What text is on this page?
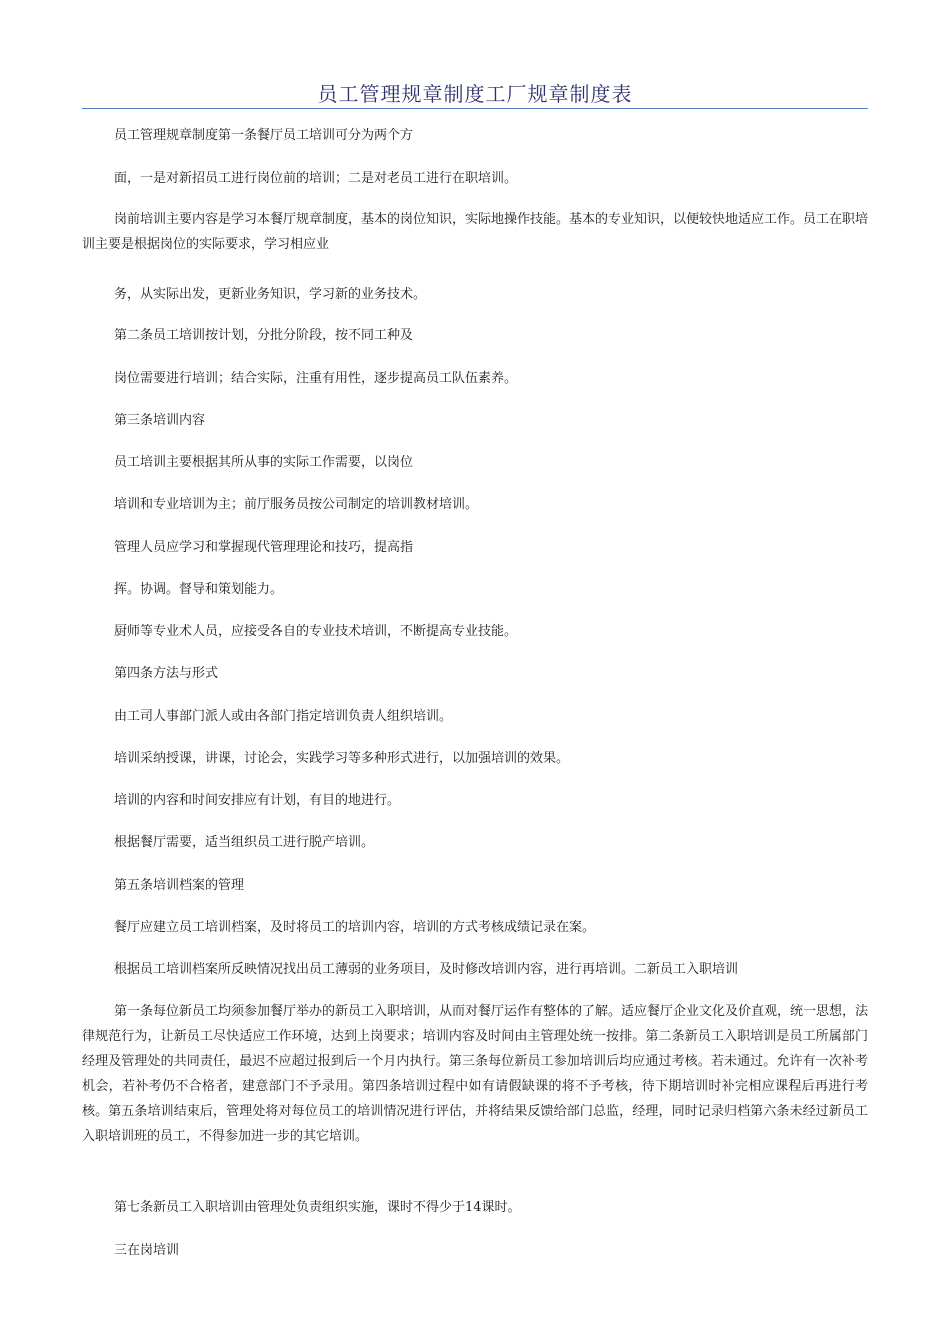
员工管理规章制度工厂规章制度表

员工管理规章制度第一条餐厅员工培训可分为两个方

面，一是对新招员工进行岗位前的培训；二是对老员工进行在职培训。

岗前培训主要内容是学习本餐厅规章制度，基本的岗位知识，实际地操作技能。基本的专业知识，以便较快地适应工作。员工在职培训主要是根据岗位的实际要求，学习相应业

务，从实际出发，更新业务知识，学习新的业务技术。

第二条员工培训按计划，分批分阶段，按不同工种及

岗位需要进行培训；结合实际，注重有用性，逐步提高员工队伍素养。

第三条培训内容

员工培训主要根据其所从事的实际工作需要，以岗位

培训和专业培训为主；前厅服务员按公司制定的培训教材培训。

管理人员应学习和掌握现代管理理论和技巧，提高指

挥。协调。督导和策划能力。

厨师等专业术人员，应接受各自的专业技术培训，不断提高专业技能。

第四条方法与形式

由工司人事部门派人或由各部门指定培训负责人组织培训。

培训采纳授课，讲课，讨论会，实践学习等多种形式进行，以加强培训的效果。

培训的内容和时间安排应有计划，有目的地进行。

根据餐厅需要，适当组织员工进行脱产培训。

第五条培训档案的管理

餐厅应建立员工培训档案，及时将员工的培训内容，培训的方式考核成绩记录在案。

根据员工培训档案所反映情况找出员工薄弱的业务项目，及时修改培训内容，进行再培训。二新员工入职培训

第一条每位新员工均须参加餐厅举办的新员工入职培训，从而对餐厅运作有整体的了解。适应餐厅企业文化及价直观，统一思想，法律规范行为，让新员工尽快适应工作环境，达到上岗要求；培训内容及时间由主管理处统一按排。第二条新员工入职培训是员工所属部门经理及管理处的共同责任，最迟不应超过报到后一个月内执行。第三条每位新员工参加培训后均应通过考核。若未通过。允许有一次补考机会，若补考仍不合格者，建意部门不予录用。第四条培训过程中如有请假缺课的将不予考核，待下期培训时补完相应课程后再进行考核。第五条培训结束后，管理处将对每位员工的培训情况进行评估，并将结果反馈给部门总监，经理，同时记录归档第六条未经过新员工入职培训班的员工，不得参加进一步的其它培训。

第七条新员工入职培训由管理处负责组织实施，课时不得少于14课时。

三在岗培训
